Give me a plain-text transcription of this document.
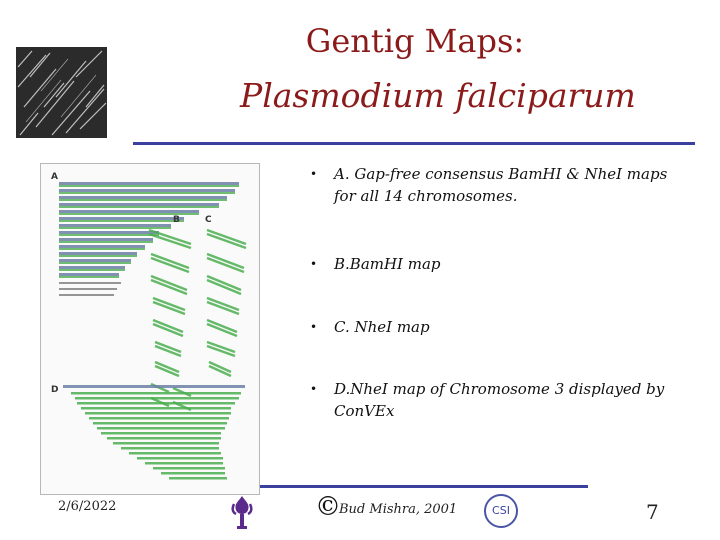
Gentig Maps:
Plasmodium falciparum
A
B	C
D
• A. Gap-free consensus BamHI & NheI maps for all 14 chromosomes.
• B.BamHI map
• C. NheI map
• D.NheI map of Chromosome 3 displayed by ConVEx
2/6/2022	©
Bud Mishra, 2001	CSI	7
